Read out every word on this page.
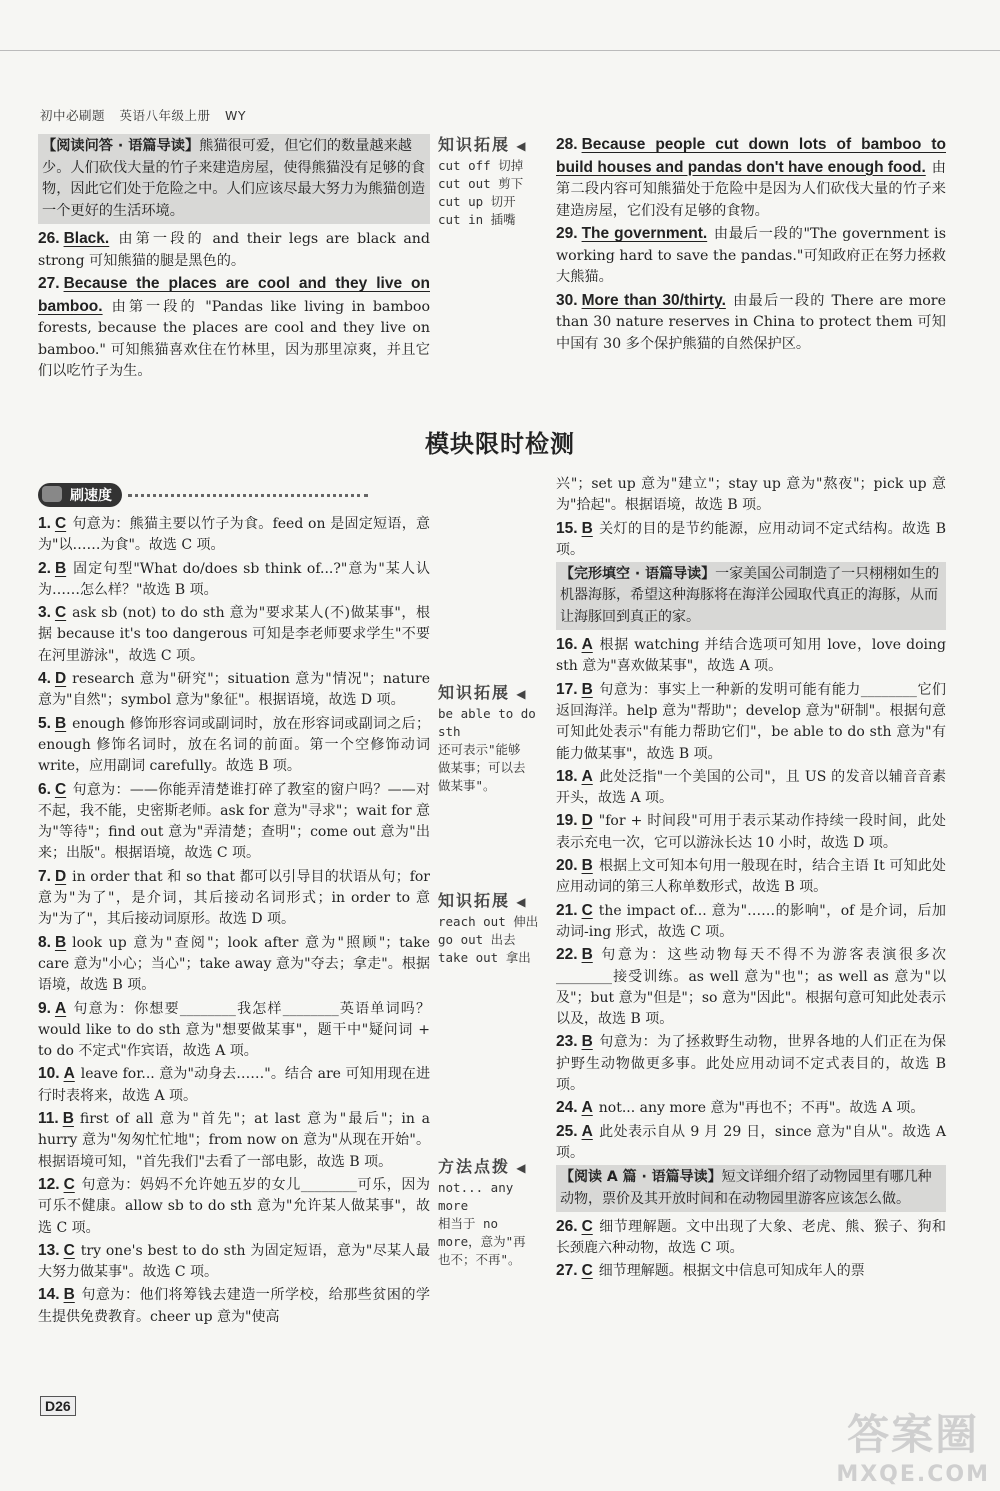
初中必刷题 英语八年级上册 WY
【阅读问答 · 语篇导读】熊猫很可爱，但它们的数量越来越少。人们砍伐大量的竹子来建造房屋，使得熊猫没有足够的食物，因此它们处于危险之中。人们应该尽最大努力为熊猫创造一个更好的生活环境。
26. Black. 由第一段的 and their legs are black and strong 可知熊猫的腿是黑色的。
27. Because the places are cool and they live on bamboo. 由第一段的 "Pandas like living in bamboo forests, because the places are cool and they live on bamboo." 可知熊猫喜欢住在竹林里，因为那里凉爽，并且它们以吃竹子为生。
知识拓展 ◀
cut off 切掉
cut out 剪下
cut up 切开
cut in 插嘴
28. Because people cut down lots of bamboo to build houses and pandas don't have enough food. 由第二段内容可知熊猫处于危险中是因为人们砍伐大量的竹子来建造房屋，它们没有足够的食物。
29. The government. 由最后一段的"The government is working hard to save the pandas."可知政府正在努力拯救大熊猫。
30. More than 30/thirty. 由最后一段的 There are more than 30 nature reserves in China to protect them 可知中国有 30 多个保护熊猫的自然保护区。
模块限时检测
刷速度
1. C 句意为：熊猫主要以竹子为食。feed on 是固定短语，意为"以……为食"。故选 C 项。
2. B 固定句型"What do/does sb think of...?"意为"某人认为……怎么样？"故选 B 项。
3. C ask sb (not) to do sth 意为"要求某人(不)做某事"，根据 because it's too dangerous 可知是李老师要求学生"不要在河里游泳"，故选 C 项。
4. D research 意为"研究"；situation 意为"情况"；nature 意为"自然"；symbol 意为"象征"。根据语境，故选 D 项。
5. B enough 修饰形容词或副词时，放在形容词或副词之后；enough 修饰名词时，放在名词的前面。第一个空修饰动词 write，应用副词 carefully。故选 B 项。
6. C 句意为：——你能弄清楚谁打碎了教室的窗户吗？——对不起，我不能，史密斯老师。ask for 意为"寻求"；wait for 意为"等待"；find out 意为"弄清楚；查明"；come out 意为"出来；出版"。根据语境，故选 C 项。
7. D in order that 和 so that 都可以引导目的状语从句；for 意为"为了"，是介词，其后接动名词形式；in order to 意为"为了"，其后接动词原形。故选 D 项。
8. B look up 意为"查阅"；look after 意为"照顾"；take care 意为"小心；当心"；take away 意为"夺去；拿走"。根据语境，故选 B 项。
9. A 句意为：你想要________我怎样________英语单词吗？would like to do sth 意为"想要做某事"，题干中"疑问词 + to do 不定式"作宾语，故选 A 项。
10. A leave for... 意为"动身去……"。结合 are 可知用现在进行时表将来，故选 A 项。
11. B first of all 意为"首先"；at last 意为"最后"；in a hurry 意为"匆匆忙忙地"；from now on 意为"从现在开始"。根据语境可知，"首先我们"去看了一部电影，故选 B 项。
12. C 句意为：妈妈不允许她五岁的女儿________可乐，因为可乐不健康。allow sb to do sth 意为"允许某人做某事"，故选 C 项。
13. C try one's best to do sth 为固定短语，意为"尽某人最大努力做某事"。故选 C 项。
14. B 句意为：他们将筹钱去建造一所学校，给那些贫困的学生提供免费教育。cheer up 意为"使高
知识拓展 ◀
be able to do sth
还可表示"能够
做某事；可以去
做某事"。
知识拓展 ◀
reach out 伸出
go out 出去
take out 拿出
方法点拨 ◀
not... any more
相当于 no
more，意为"再
也不；不再"。
兴"；set up 意为"建立"；stay up 意为"熬夜"；pick up 意为"拾起"。根据语境，故选 B 项。
15. B 关灯的目的是节约能源，应用动词不定式结构。故选 B 项。
【完形填空 · 语篇导读】一家美国公司制造了一只栩栩如生的机器海豚，希望这种海豚将在海洋公园取代真正的海豚，从而让海豚回到真正的家。
16. A 根据 watching 并结合选项可知用 love，love doing sth 意为"喜欢做某事"，故选 A 项。
17. B 句意为：事实上一种新的发明可能有能力________它们返回海洋。help 意为"帮助"；develop 意为"研制"。根据句意可知此处表示"有能力帮助它们"，be able to do sth 意为"有能力做某事"，故选 B 项。
18. A 此处泛指"一个美国的公司"，且 US 的发音以辅音音素开头，故选 A 项。
19. D "for + 时间段"可用于表示某动作持续一段时间，此处表示充电一次，它可以游泳长达 10 小时，故选 D 项。
20. B 根据上文可知本句用一般现在时，结合主语 It 可知此处应用动词的第三人称单数形式，故选 B 项。
21. C the impact of... 意为"……的影响"，of 是介词，后加动词-ing 形式，故选 C 项。
22. B 句意为：这些动物每天不得不为游客表演很多次________接受训练。as well 意为"也"；as well as 意为"以及"；but 意为"但是"；so 意为"因此"。根据句意可知此处表示以及，故选 B 项。
23. B 句意为：为了拯救野生动物，世界各地的人们正在为保护野生动物做更多事。此处应用动词不定式表目的，故选 B 项。
24. A not... any more 意为"再也不；不再"。故选 A 项。
25. A 此处表示自从 9 月 29 日，since 意为"自从"。故选 A 项。
【阅读 A 篇 · 语篇导读】短文详细介绍了动物园里有哪几种动物，票价及其开放时间和在动物园里游客应该怎么做。
26. C 细节理解题。文中出现了大象、老虎、熊、猴子、狗和长颈鹿六种动物，故选 C 项。
27. C 细节理解题。根据文中信息可知成年人的票
D26
答案圈
MXQE.COM
